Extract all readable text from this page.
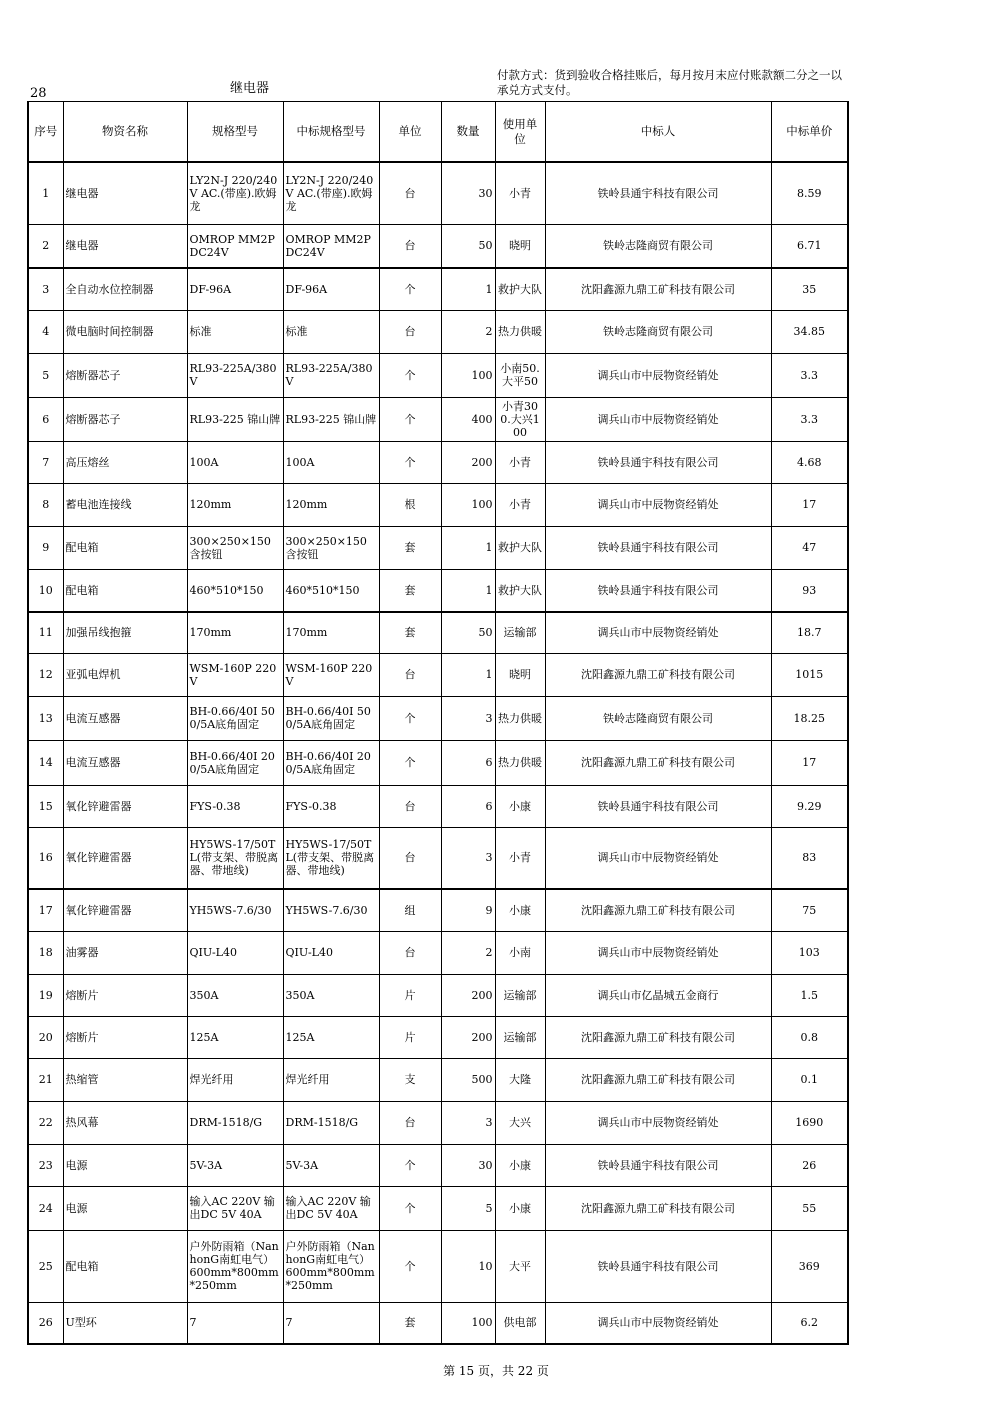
28	继电器
付款方式：货到验收合格挂账后，每月按月末应付账款额二分之一以承兑方式支付。
序号	物资名称	规格型号	中标规格型号	单位	数量	使用单位	中标人	中标单价
1	继电器	LY2N-J 220/240V AC.(带座).欧姆龙	LY2N-J 220/240V AC.(带座).欧姆龙	台	30	小青	铁岭县通宇科技有限公司	8.59
2	继电器	OMROP MM2P DC24V	OMROP MM2P DC24V	台	50	晓明	铁岭志隆商贸有限公司	6.71
3	全自动水位控制器	DF-96A	DF-96A	个	1	救护大队	沈阳鑫源九鼎工矿科技有限公司	35
4	微电脑时间控制器	标准	标准	台	2	热力供暖	铁岭志隆商贸有限公司	34.85
5	熔断器芯子	RL93-225A/380V	RL93-225A/380V	个	100	小南50.大平50	调兵山市中辰物资经销处	3.3
6	熔断器芯子	RL93-225 锦山牌	RL93-225 锦山牌	个	400	小青300.大兴100	调兵山市中辰物资经销处	3.3
7	高压熔丝	100A	100A	个	200	小青	铁岭县通宇科技有限公司	4.68
8	蓄电池连接线	120mm	120mm	根	100	小青	调兵山市中辰物资经销处	17
9	配电箱	300×250×150 含按钮	300×250×150 含按钮	套	1	救护大队	铁岭县通宇科技有限公司	47
10	配电箱	460*510*150	460*510*150	套	1	救护大队	铁岭县通宇科技有限公司	93
11	加强吊线抱箍	170mm	170mm	套	50	运输部	调兵山市中辰物资经销处	18.7
12	亚弧电焊机	WSM-160P 220V	WSM-160P 220V	台	1	晓明	沈阳鑫源九鼎工矿科技有限公司	1015
13	电流互感器	BH-0.66/40Ⅰ 500/5A底角固定	BH-0.66/40Ⅰ 500/5A底角固定	个	3	热力供暖	铁岭志隆商贸有限公司	18.25
14	电流互感器	BH-0.66/40Ⅰ 200/5A底角固定	BH-0.66/40Ⅰ 200/5A底角固定	个	6	热力供暖	沈阳鑫源九鼎工矿科技有限公司	17
15	氧化锌避雷器	FYS-0.38	FYS-0.38	台	6	小康	铁岭县通宇科技有限公司	9.29
16	氧化锌避雷器	HY5WS-17/50TL(带支架、带脱离器、带地线)	HY5WS-17/50TL(带支架、带脱离器、带地线)	台	3	小青	调兵山市中辰物资经销处	83
17	氧化锌避雷器	YH5WS-7.6/30	YH5WS-7.6/30	组	9	小康	沈阳鑫源九鼎工矿科技有限公司	75
18	油雾器	QIU-L40	QIU-L40	台	2	小南	调兵山市中辰物资经销处	103
19	熔断片	350A	350A	片	200	运输部	调兵山市亿晶城五金商行	1.5
20	熔断片	125A	125A	片	200	运输部	沈阳鑫源九鼎工矿科技有限公司	0.8
21	热缩管	焊光纤用	焊光纤用	支	500	大隆	沈阳鑫源九鼎工矿科技有限公司	0.1
22	热风幕	DRM-1518/G	DRM-1518/G	台	3	大兴	调兵山市中辰物资经销处	1690
23	电源	5V-3A	5V-3A	个	30	小康	铁岭县通宇科技有限公司	26
24	电源	输入AC 220V 输出DC 5V 40A	输入AC 220V 输出DC 5V 40A	个	5	小康	沈阳鑫源九鼎工矿科技有限公司	55
25	配电箱	户外防雨箱（NanhonG南虹电气）600mm*800mm*250mm	户外防雨箱（NanhonG南虹电气）600mm*800mm*250mm	个	10	大平	铁岭县通宇科技有限公司	369
26	U型环	7	7	套	100	供电部	调兵山市中辰物资经销处	6.2
第 15 页，共 22 页
